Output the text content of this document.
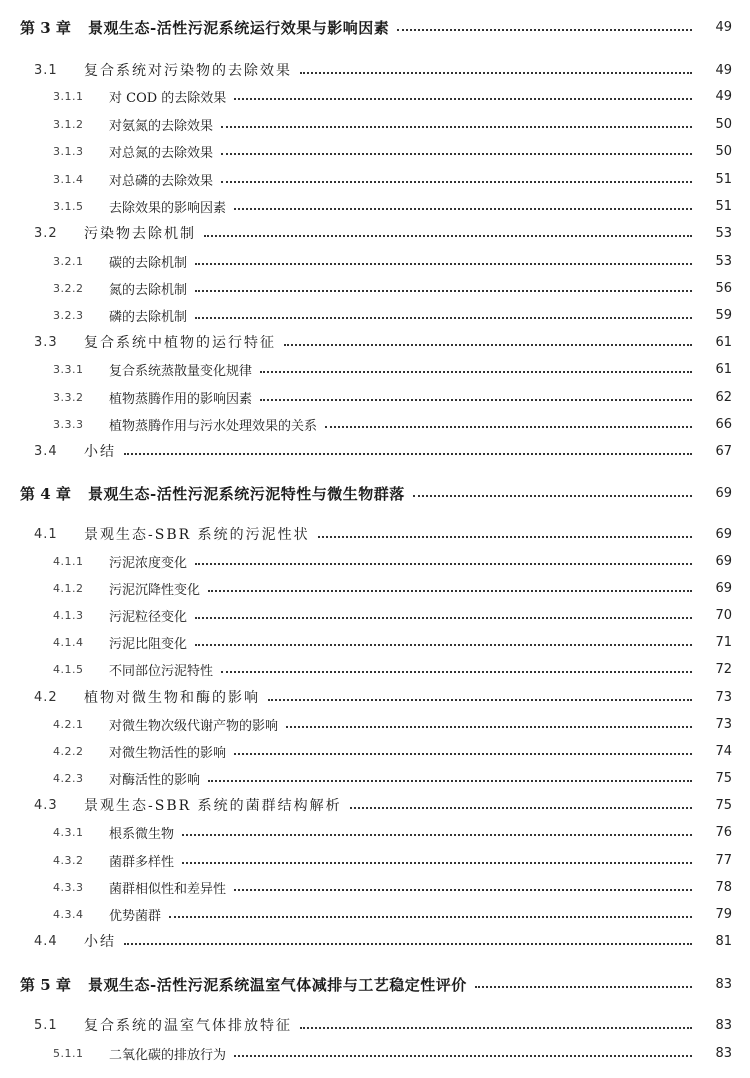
第 3 章	景观生态-活性污泥系统运行效果与影响因素	49
3.1	复合系统对污染物的去除效果	49
3.1.1	对 COD 的去除效果	49
3.1.2	对氨氮的去除效果	50
3.1.3	对总氮的去除效果	50
3.1.4	对总磷的去除效果	51
3.1.5	去除效果的影响因素	51
3.2	污染物去除机制	53
3.2.1	碳的去除机制	53
3.2.2	氮的去除机制	56
3.2.3	磷的去除机制	59
3.3	复合系统中植物的运行特征	61
3.3.1	复合系统蒸散量变化规律	61
3.3.2	植物蒸腾作用的影响因素	62
3.3.3	植物蒸腾作用与污水处理效果的关系	66
3.4	小结	67
第 4 章	景观生态-活性污泥系统污泥特性与微生物群落	69
4.1	景观生态-SBR 系统的污泥性状	69
4.1.1	污泥浓度变化	69
4.1.2	污泥沉降性变化	69
4.1.3	污泥粒径变化	70
4.1.4	污泥比阻变化	71
4.1.5	不同部位污泥特性	72
4.2	植物对微生物和酶的影响	73
4.2.1	对微生物次级代谢产物的影响	73
4.2.2	对微生物活性的影响	74
4.2.3	对酶活性的影响	75
4.3	景观生态-SBR 系统的菌群结构解析	75
4.3.1	根系微生物	76
4.3.2	菌群多样性	77
4.3.3	菌群相似性和差异性	78
4.3.4	优势菌群	79
4.4	小结	81
第 5 章	景观生态-活性污泥系统温室气体减排与工艺稳定性评价	83
5.1	复合系统的温室气体排放特征	83
5.1.1	二氧化碳的排放行为	83
